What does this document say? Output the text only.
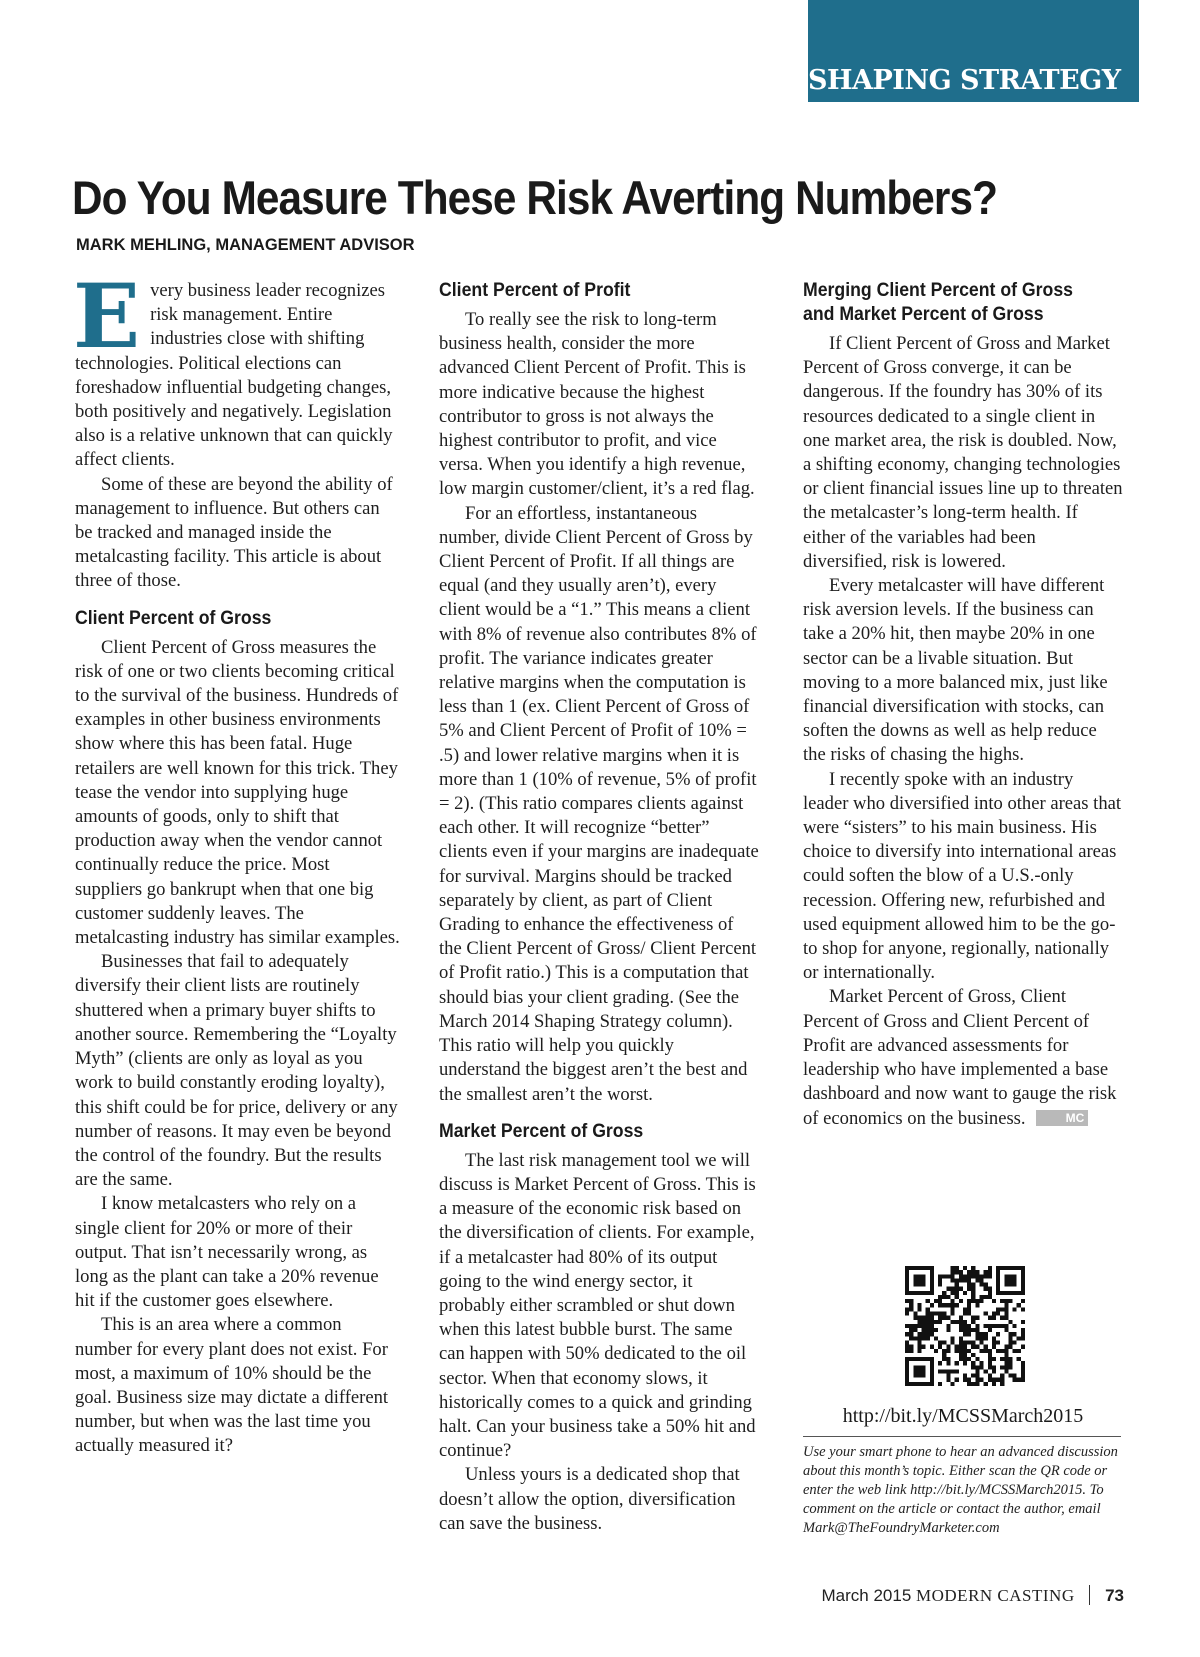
SHAPING STRATEGY
Do You Measure These Risk Averting Numbers?
MARK MEHLING, MANAGEMENT ADVISOR

Every business leader recognizes risk management. Entire industries close with shifting technologies. Political elections can foreshadow influential budgeting changes, both positively and negatively. Legislation also is a relative unknown that can quickly affect clients.

Some of these are beyond the ability of management to influence. But others can be tracked and managed inside the metalcasting facility. This article is about three of those.

Client Percent of Gross

Client Percent of Gross measures the risk of one or two clients becoming critical to the survival of the business. Hundreds of examples in other business environments show where this has been fatal. Huge retailers are well known for this trick. They tease the vendor into supplying huge amounts of goods, only to shift that production away when the vendor cannot continually reduce the price. Most suppliers go bankrupt when that one big customer suddenly leaves. The metalcasting industry has similar examples.

Businesses that fail to adequately diversify their client lists are routinely shuttered when a primary buyer shifts to another source. Remembering the “Loyalty Myth” (clients are only as loyal as you work to build constantly eroding loyalty), this shift could be for price, delivery or any number of reasons. It may even be beyond the control of the foundry. But the results are the same.

I know metalcasters who rely on a single client for 20% or more of their output. That isn’t necessarily wrong, as long as the plant can take a 20% revenue hit if the customer goes elsewhere.

This is an area where a common number for every plant does not exist. For most, a maximum of 10% should be the goal. Business size may dictate a different number, but when was the last time you actually measured it?

Client Percent of Profit

To really see the risk to long-term business health, consider the more advanced Client Percent of Profit. This is more indicative because the highest contributor to gross is not always the highest contributor to profit, and vice versa. When you identify a high revenue, low margin customer/client, it’s a red flag.

For an effortless, instantaneous number, divide Client Percent of Gross by Client Percent of Profit. If all things are equal (and they usually aren’t), every client would be a “1.” This means a client with 8% of revenue also contributes 8% of profit. The variance indicates greater relative margins when the computation is less than 1 (ex. Client Percent of Gross of 5% and Client Percent of Profit of 10% = .5) and lower relative margins when it is more than 1 (10% of revenue, 5% of profit = 2). (This ratio compares clients against each other. It will recognize “better” clients even if your margins are inadequate for survival. Margins should be tracked separately by client, as part of Client Grading to enhance the effectiveness of the Client Percent of Gross/ Client Percent of Profit ratio.) This is a computation that should bias your client grading. (See the March 2014 Shaping Strategy column). This ratio will help you quickly understand the biggest aren’t the best and the smallest aren’t the worst.

Market Percent of Gross

The last risk management tool we will discuss is Market Percent of Gross. This is a measure of the economic risk based on the diversification of clients. For example, if a metalcaster had 80% of its output going to the wind energy sector, it probably either scrambled or shut down when this latest bubble burst. The same can happen with 50% dedicated to the oil sector. When that economy slows, it historically comes to a quick and grinding halt. Can your business take a 50% hit and continue?

Unless yours is a dedicated shop that doesn’t allow the option, diversification can save the business.

Merging Client Percent of Gross and Market Percent of Gross

If Client Percent of Gross and Market Percent of Gross converge, it can be dangerous. If the foundry has 30% of its resources dedicated to a single client in one market area, the risk is doubled. Now, a shifting economy, changing technologies or client financial issues line up to threaten the metalcaster’s long-term health. If either of the variables had been diversified, risk is lowered.

Every metalcaster will have different risk aversion levels. If the business can take a 20% hit, then maybe 20% in one sector can be a livable situation. But moving to a more balanced mix, just like financial diversification with stocks, can soften the downs as well as help reduce the risks of chasing the highs.

I recently spoke with an industry leader who diversified into other areas that were “sisters” to his main business. His choice to diversify into international areas could soften the blow of a U.S.-only recession. Offering new, refurbished and used equipment allowed him to be the go-to shop for anyone, regionally, nationally or internationally.

Market Percent of Gross, Client Percent of Gross and Client Percent of Profit are advanced assessments for leadership who have implemented a base dashboard and now want to gauge the risk of economics on the business.	MC

http://bit.ly/MCSSMarch2015
Use your smart phone to hear an advanced discussion about this month’s topic. Either scan the QR code or enter the web link http://bit.ly/MCSSMarch2015. To comment on the article or contact the author, email Mark@TheFoundryMarketer.com
March 2015 MODERN CASTING 73
